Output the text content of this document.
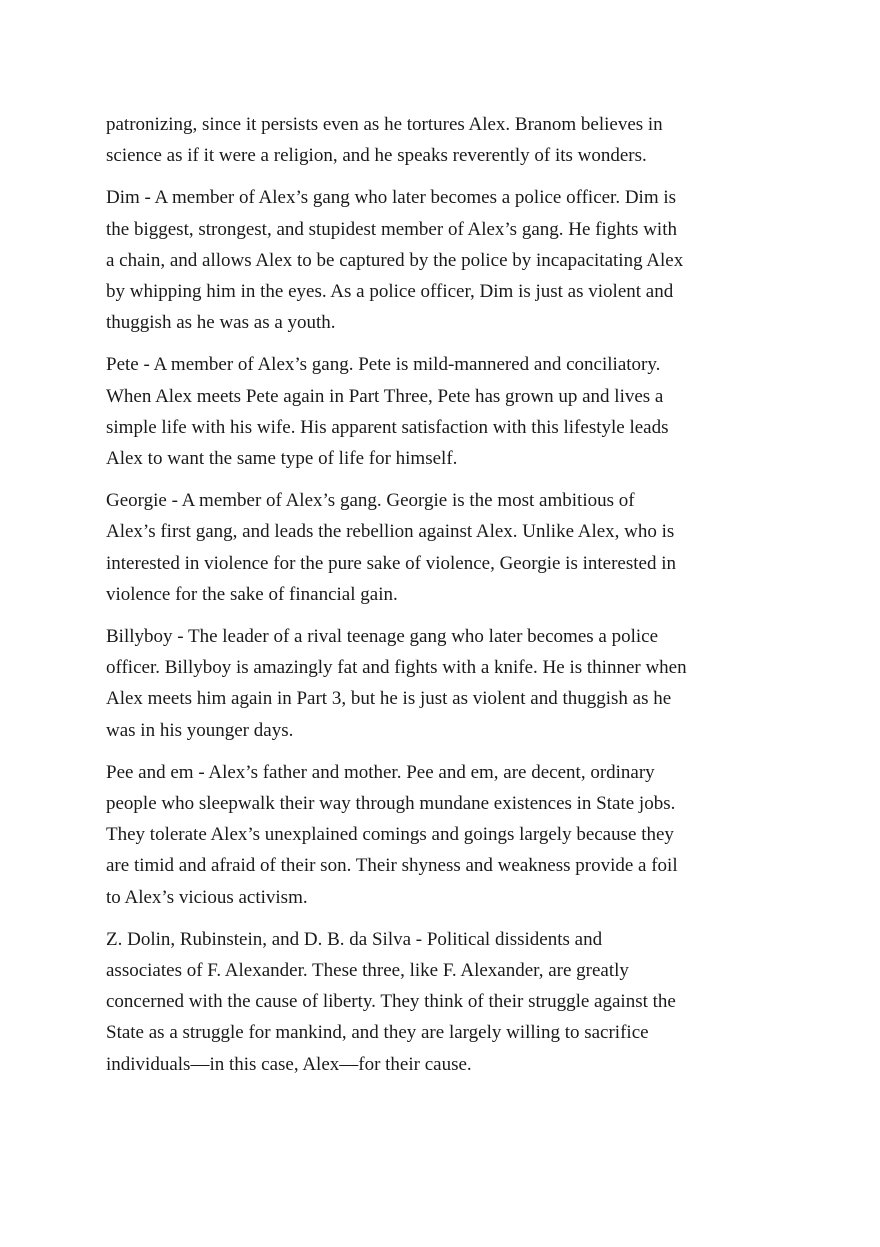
patronizing, since it persists even as he tortures Alex. Branom believes in
science as if it were a religion, and he speaks reverently of its wonders.

Dim - A member of Alex’s gang who later becomes a police officer. Dim is
the biggest, strongest, and stupidest member of Alex’s gang. He fights with
a chain, and allows Alex to be captured by the police by incapacitating Alex
by whipping him in the eyes. As a police officer, Dim is just as violent and
thuggish as he was as a youth.

Pete - A member of Alex’s gang. Pete is mild-mannered and conciliatory.
When Alex meets Pete again in Part Three, Pete has grown up and lives a
simple life with his wife. His apparent satisfaction with this lifestyle leads
Alex to want the same type of life for himself.

Georgie - A member of Alex’s gang. Georgie is the most ambitious of
Alex’s first gang, and leads the rebellion against Alex. Unlike Alex, who is
interested in violence for the pure sake of violence, Georgie is interested in
violence for the sake of financial gain.

Billyboy - The leader of a rival teenage gang who later becomes a police
officer. Billyboy is amazingly fat and fights with a knife. He is thinner when
Alex meets him again in Part 3, but he is just as violent and thuggish as he
was in his younger days.

Pee and em - Alex’s father and mother. Pee and em, are decent, ordinary
people who sleepwalk their way through mundane existences in State jobs.
They tolerate Alex’s unexplained comings and goings largely because they
are timid and afraid of their son. Their shyness and weakness provide a foil
to Alex’s vicious activism.

Z. Dolin, Rubinstein, and D. B. da Silva - Political dissidents and
associates of F. Alexander. These three, like F. Alexander, are greatly
concerned with the cause of liberty. They think of their struggle against the
State as a struggle for mankind, and they are largely willing to sacrifice
individuals—in this case, Alex—for their cause.
